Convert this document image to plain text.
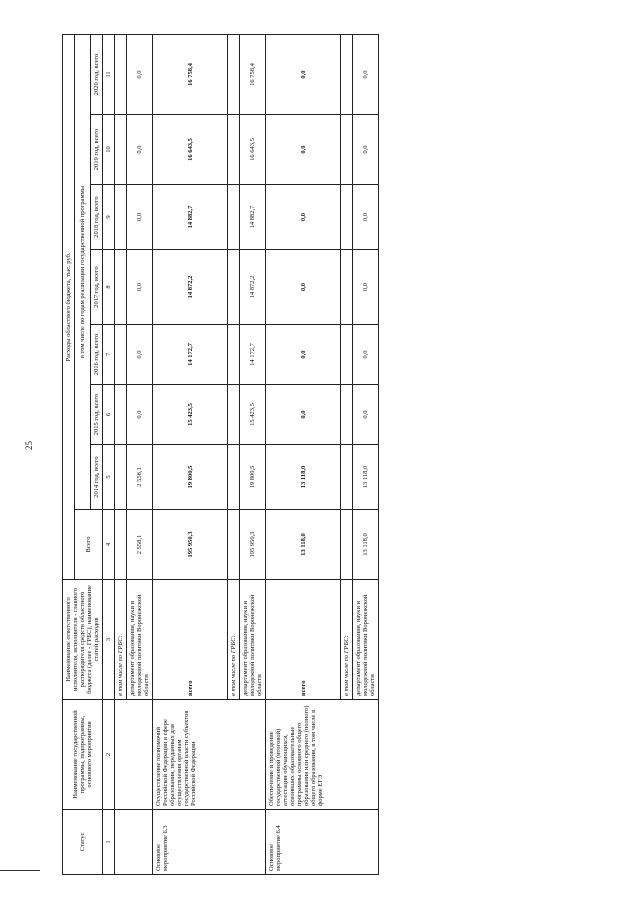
25
Статус	Наименование государственной программы, подпрограммы, основного мероприятия	Наименование ответственного исполнителя, исполнителя - главного распорядителя средств областного бюджета (далее - ГРБС), наименование статей расходов	Расходы областного бюджета, тыс. руб.							
			Всего	в том числе по годам реализации государственной программы						
				2014 год, всего	2015 год, всего	2016 год, всего	2017 год, всего	2018 год, всего	2019 год, всего	2020 год, всего
1	2	3	4	5	6	7	8	9	10	11
		в том числе по ГРБС:								
		департамент образования, науки и молодежной политики Воронежской области	2 558,1	2 558,1	0,0	0,0	0,0	0,0	0,0	0,0
Основное мероприятие 6.3	Осуществление полномочий Российской Федерации в сфере образования, переданных для осуществления органам государственной власти субъектов Российской Федерации	всего	195 950,3	19 800,5	15 423,5	14 172,7	14 872,2	14 882,7	16 643,5	16 758,4
		в том числе по ГРБС:								
		департамент образования, науки и молодежной политики Воронежской области	195 950,3	19 800,5	15 423,5	14 172,7	14 872,2	14 882,7	16 643,5	16 758,4
Основное мероприятие 6.4	Обеспечение и проведение государственной (итоговой) аттестации обучающихся, освоивших образовательные программы основного общего образования или среднего (полного) общего образования, в том числе в форме ЕГЭ	всего	13 118,0	13 118,0	0,0	0,0	0,0	0,0	0,0	0,0
		в том числе по ГРБС:								
		департамент образования, науки и молодежной политики Воронежской области	13 118,0	13 118,0	0,0	0,0	0,0	0,0	0,0	0,0
